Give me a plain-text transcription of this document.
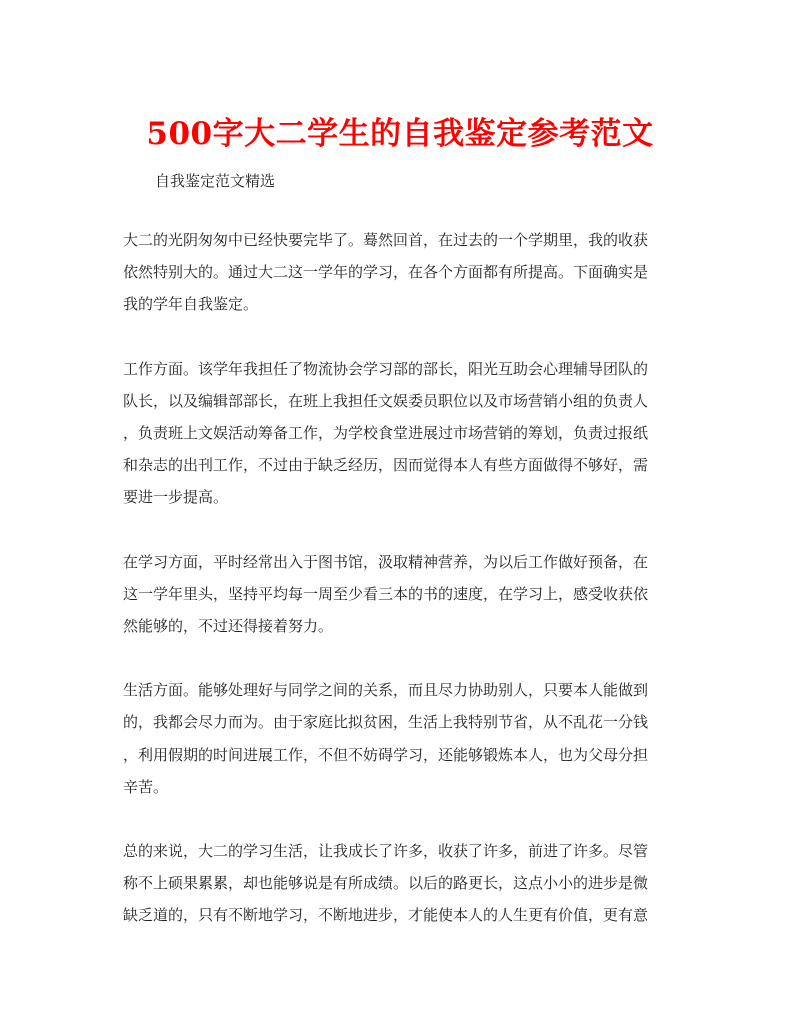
500字大二学生的自我鉴定参考范文
自我鉴定范文精选
大二的光阴匆匆中已经快要完毕了。蓦然回首，在过去的一个学期里，我的收获
依然特别大的。通过大二这一学年的学习，在各个方面都有所提高。下面确实是
我的学年自我鉴定。
工作方面。该学年我担任了物流协会学习部的部长，阳光互助会心理辅导团队的
队长，以及编辑部部长，在班上我担任文娱委员职位以及市场营销小组的负责人
，负责班上文娱活动筹备工作，为学校食堂进展过市场营销的筹划，负责过报纸
和杂志的出刊工作，不过由于缺乏经历，因而觉得本人有些方面做得不够好，需
要进一步提高。
在学习方面，平时经常出入于图书馆，汲取精神营养，为以后工作做好预备，在
这一学年里头，坚持平均每一周至少看三本的书的速度，在学习上，感受收获依
然能够的，不过还得接着努力。
生活方面。能够处理好与同学之间的关系，而且尽力协助别人，只要本人能做到
的，我都会尽力而为。由于家庭比拟贫困，生活上我特别节省，从不乱花一分钱
，利用假期的时间进展工作，不但不妨碍学习，还能够锻炼本人，也为父母分担
辛苦。
总的来说，大二的学习生活，让我成长了许多，收获了许多，前进了许多。尽管
称不上硕果累累，却也能够说是有所成绩。以后的路更长，这点小小的进步是微
缺乏道的，只有不断地学习，不断地进步，才能使本人的人生更有价值，更有意
